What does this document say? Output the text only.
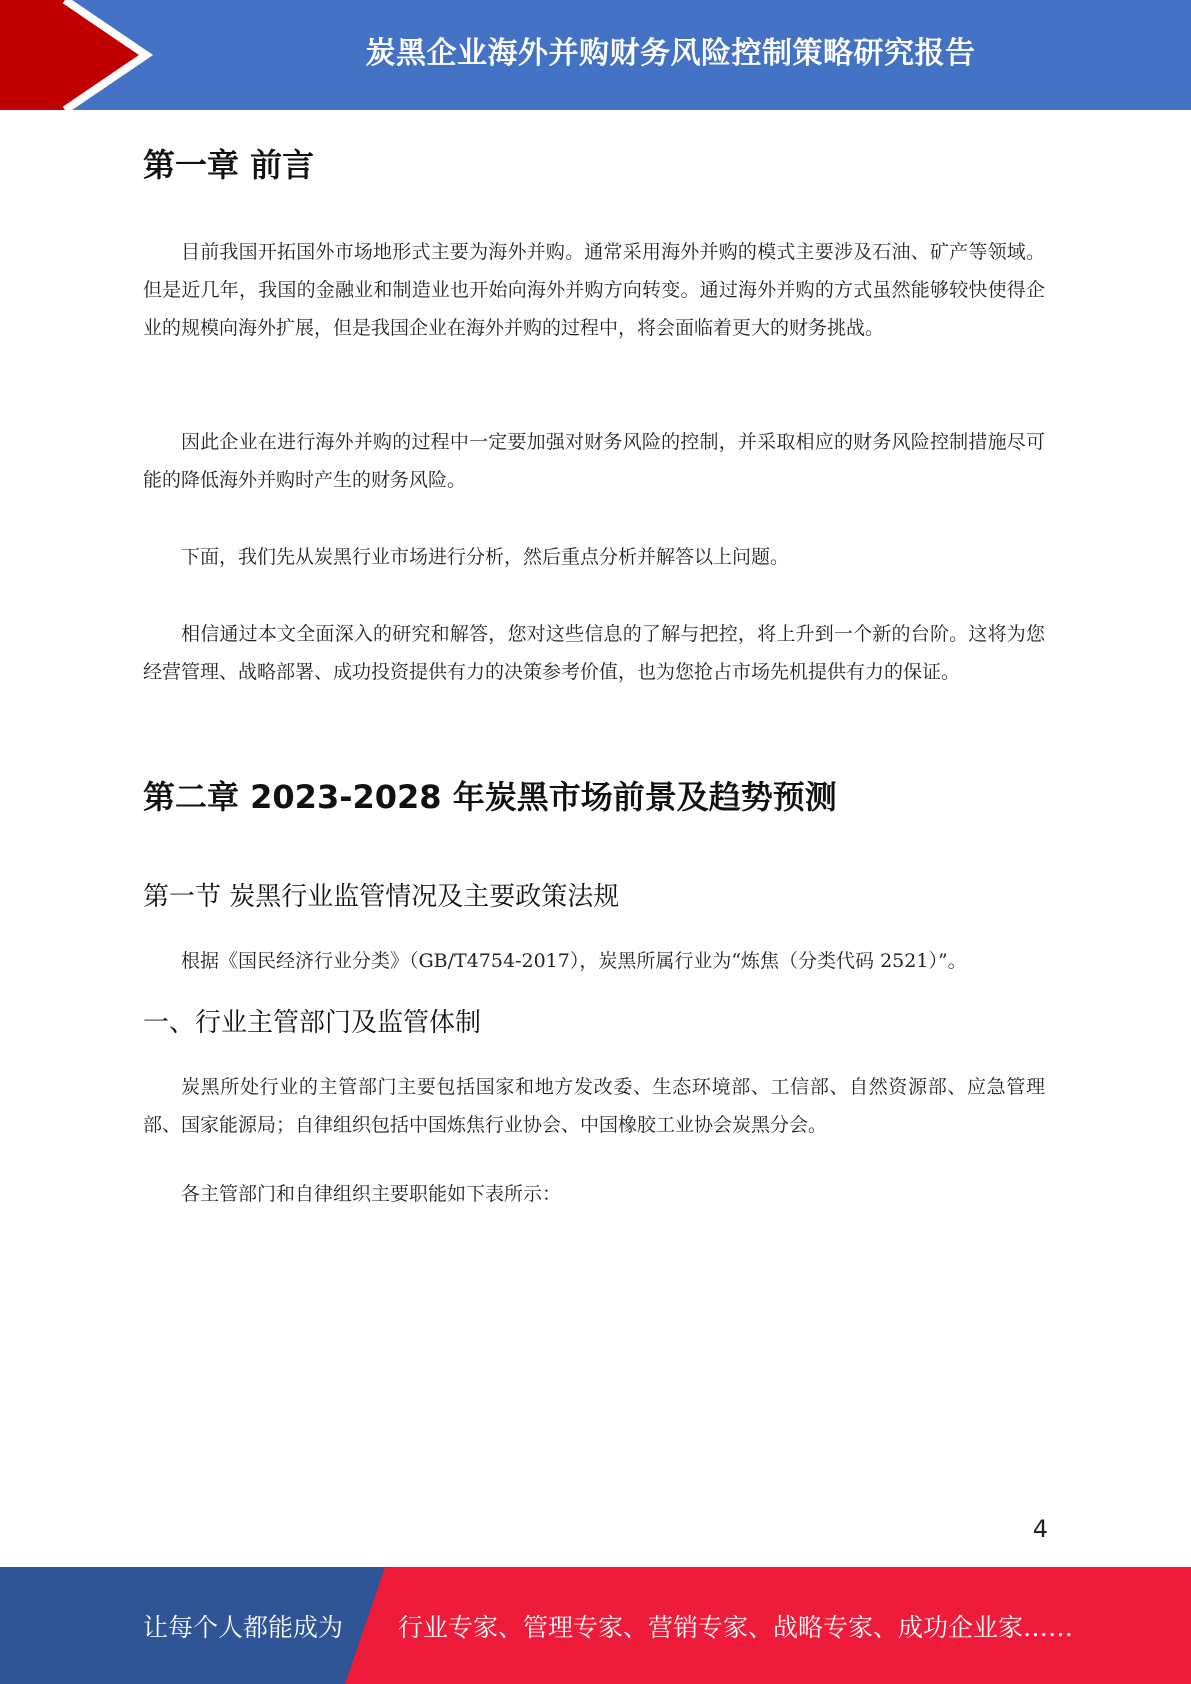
炭黑企业海外并购财务风险控制策略研究报告
第一章 前言

目前我国开拓国外市场地形式主要为海外并购。通常采用海外并购的模式主要涉及石油、矿产等领域。但是近几年，我国的金融业和制造业也开始向海外并购方向转变。通过海外并购的方式虽然能够较快使得企业的规模向海外扩展，但是我国企业在海外并购的过程中，将会面临着更大的财务挑战。

因此企业在进行海外并购的过程中一定要加强对财务风险的控制，并采取相应的财务风险控制措施尽可能的降低海外并购时产生的财务风险。

下面，我们先从炭黑行业市场进行分析，然后重点分析并解答以上问题。

相信通过本文全面深入的研究和解答，您对这些信息的了解与把控，将上升到一个新的台阶。这将为您经营管理、战略部署、成功投资提供有力的决策参考价值，也为您抢占市场先机提供有力的保证。

第二章 2023-2028 年炭黑市场前景及趋势预测
第一节 炭黑行业监管情况及主要政策法规

根据《国民经济行业分类》（GB/T4754-2017），炭黑所属行业为“炼焦（分类代码 2521）”。

一、行业主管部门及监管体制

炭黑所处行业的主管部门主要包括国家和地方发改委、生态环境部、工信部、自然资源部、应急管理部、国家能源局；自律组织包括中国炼焦行业协会、中国橡胶工业协会炭黑分会。

各主管部门和自律组织主要职能如下表所示：

4
让每个人都能成为 行业专家、管理专家、营销专家、战略专家、成功企业家……
